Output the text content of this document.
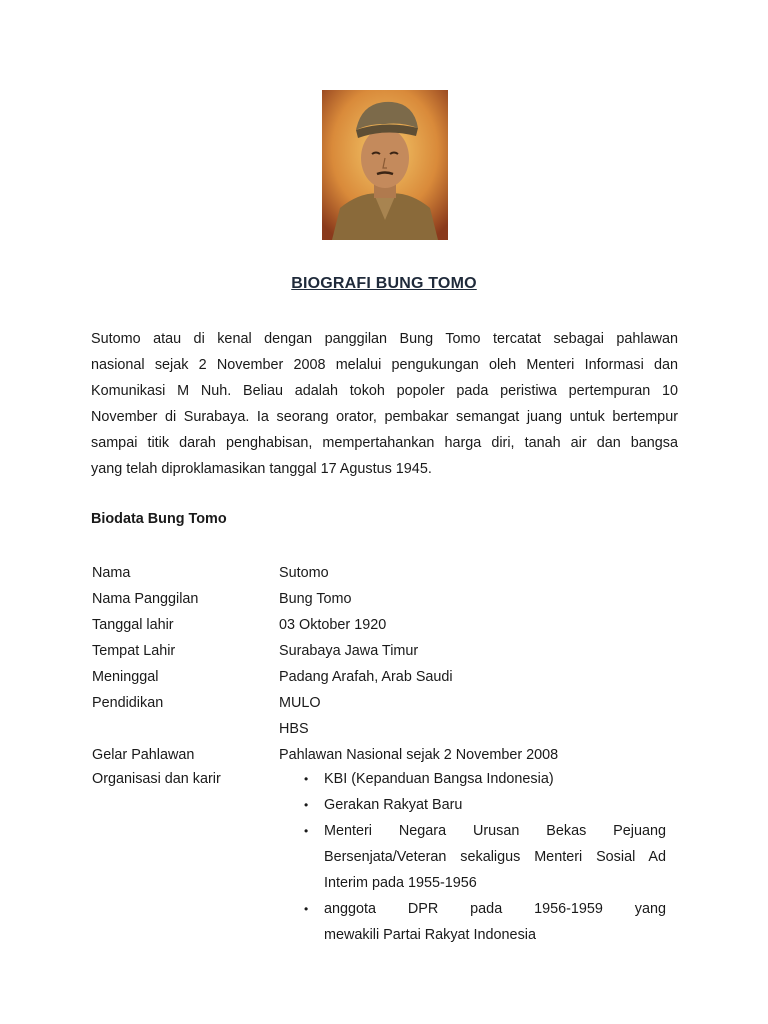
BIOGRAFI BUNG TOMO

Sutomo atau di kenal dengan panggilan Bung Tomo tercatat sebagai pahlawan
nasional sejak 2 November 2008 melalui pengukungan oleh Menteri Informasi dan
Komunikasi M Nuh. Beliau adalah tokoh popoler pada peristiwa pertempuran 10
November di Surabaya. Ia seorang orator, pembakar semangat juang untuk bertempur
sampai titik darah penghabisan, mempertahankan harga diri, tanah air dan bangsa
yang telah diproklamasikan tanggal 17 Agustus 1945.

Biodata Bung Tomo
Nama	Sutomo
Nama Panggilan	Bung Tomo
Tanggal lahir	03 Oktober 1920
Tempat Lahir	Surabaya Jawa Timur
Meninggal	Padang Arafah, Arab Saudi
Pendidikan	MULO
HBS
Gelar Pahlawan	Pahlawan Nasional sejak 2 November 2008
Organisasi dan karir	• KBI (Kepanduan Bangsa Indonesia)
• Gerakan Rakyat Baru
• Menteri Negara Urusan Bekas Pejuang
Bersenjata/Veteran sekaligus Menteri Sosial Ad
Interim pada 1955-1956
• anggota DPR pada 1956-1959 yang
mewakili Partai Rakyat Indonesia
